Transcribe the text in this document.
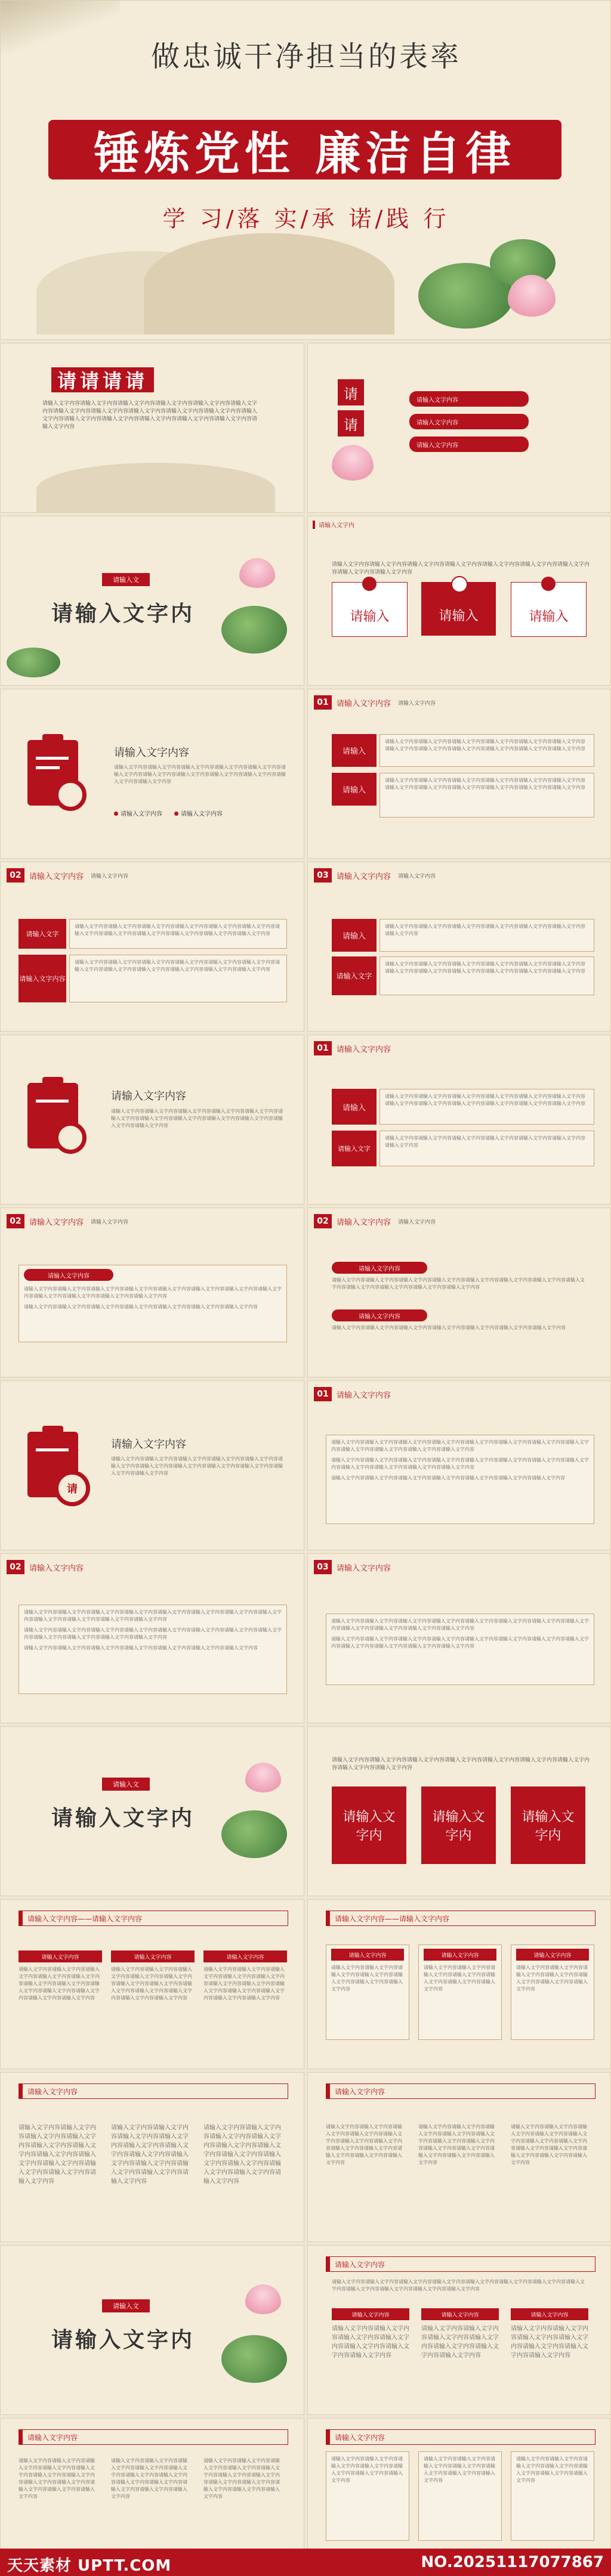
做忠诚干净担当的表率
锤炼党性 廉洁自律
学 习/落 实/承 诺/践 行
请请请请
请输入文字内容请输入文字内容请输入文字内容请输入文字内容请输入文字内容请输入文字内容请输入文字内容请输入文字内容请输入文字内容请输入文字内容请输入文字内容请输入文字内容请输入文字内容请输入文字内容请输入文字内容请输入文字内容请输入文字内容请输入文字内容
请
请
请输入文字内容
请输入文字内容
请输入文字内容
请输入文
请输入文字内
请输入文字内
请输入文字内容请输入文字内容请输入文字内容请输入文字内容请输入文字内容请输入文字内容请输入文字内容请输入文字内容请输入文字内容
请输入	请输入	请输入
请输入文字内容
请输入文字内容请输入文字内容请输入文字内容请输入文字内容请输入文字内容请输入文字内容请输入文字内容请输入文字内容请输入文字内容请输入文字内容请输入文字内容请输入文字内容
请输入文字内容	请输入文字内容
01	请输入文字内容 请输入文字内容
请输入
请输入文字内容请输入文字内容请输入文字内容请输入文字内容请输入文字内容请输入文字内容请输入文字内容请输入文字内容请输入文字内容请输入文字内容请输入文字内容请输入文字内容
请输入
请输入文字内容请输入文字内容请输入文字内容请输入文字内容请输入文字内容请输入文字内容请输入文字内容请输入文字内容请输入文字内容请输入文字内容请输入文字内容请输入文字内容
02	请输入文字内容 请输入文字内容
请输入文字
请输入文字内容请输入文字内容请输入文字内容请输入文字内容请输入文字内容请输入文字内容请输入文字内容请输入文字内容请输入文字内容请输入文字内容请输入文字内容请输入文字内容
请输入文字内容
请输入文字内容请输入文字内容请输入文字内容请输入文字内容请输入文字内容请输入文字内容请输入文字内容请输入文字内容请输入文字内容请输入文字内容请输入文字内容请输入文字内容
03	请输入文字内容 请输入文字内容
请输入
请输入文字内容请输入文字内容请输入文字内容请输入文字内容请输入文字内容请输入文字内容请输入文字内容
请输入文字
请输入文字内容请输入文字内容请输入文字内容请输入文字内容请输入文字内容请输入文字内容请输入文字内容请输入文字内容请输入文字内容请输入文字内容请输入文字内容请输入文字内容
请输入文字内容
请输入文字内容请输入文字内容请输入文字内容请输入文字内容请输入文字内容请输入文字内容请输入文字内容请输入文字内容请输入文字内容请输入文字内容请输入文字内容请输入文字内容
01	请输入文字内容
请输入
请输入文字内容请输入文字内容请输入文字内容请输入文字内容请输入文字内容请输入文字内容请输入文字内容请输入文字内容请输入文字内容请输入文字内容请输入文字内容请输入文字内容
请输入文字
请输入文字内容请输入文字内容请输入文字内容请输入文字内容请输入文字内容请输入文字内容请输入文字内容
02	请输入文字内容 请输入文字内容
请输入文字内容
请输入文字内容请输入文字内容请输入文字内容请输入文字内容请输入文字内容请输入文字内容请输入文字内容请输入文字内容请输入文字内容请输入文字内容请输入文字内容请输入文字内容
请输入文字内容请输入文字内容请输入文字内容请输入文字内容请输入文字内容请输入文字内容请输入文字内容
02	请输入文字内容 请输入文字内容
请输入文字内容
请输入文字内容请输入文字内容请输入文字内容请输入文字内容请输入文字内容请输入文字内容请输入文字内容请输入文字内容请输入文字内容请输入文字内容请输入文字内容请输入文字内容
请输入文字内容
请输入文字内容请输入文字内容请输入文字内容请输入文字内容请输入文字内容请输入文字内容请输入文字内容
请
请输入文字内容
请输入文字内容请输入文字内容请输入文字内容请输入文字内容请输入文字内容请输入文字内容请输入文字内容请输入文字内容请输入文字内容请输入文字内容请输入文字内容请输入文字内容
01	请输入文字内容
请输入文字内容请输入文字内容请输入文字内容请输入文字内容请输入文字内容请输入文字内容请输入文字内容请输入文字内容请输入文字内容请输入文字内容请输入文字内容请输入文字内容
请输入文字内容请输入文字内容请输入文字内容请输入文字内容请输入文字内容请输入文字内容请输入文字内容请输入文字内容请输入文字内容请输入文字内容请输入文字内容请输入文字内容
请输入文字内容请输入文字内容请输入文字内容请输入文字内容请输入文字内容请输入文字内容请输入文字内容
02	请输入文字内容
请输入文字内容请输入文字内容请输入文字内容请输入文字内容请输入文字内容请输入文字内容请输入文字内容请输入文字内容请输入文字内容请输入文字内容请输入文字内容请输入文字内容
请输入文字内容请输入文字内容请输入文字内容请输入文字内容请输入文字内容请输入文字内容请输入文字内容请输入文字内容请输入文字内容请输入文字内容请输入文字内容请输入文字内容
请输入文字内容请输入文字内容请输入文字内容请输入文字内容请输入文字内容请输入文字内容请输入文字内容
03	请输入文字内容
请输入文字内容请输入文字内容请输入文字内容请输入文字内容请输入文字内容请输入文字内容请输入文字内容请输入文字内容请输入文字内容请输入文字内容请输入文字内容请输入文字内容
请输入文字内容请输入文字内容请输入文字内容请输入文字内容请输入文字内容请输入文字内容请输入文字内容请输入文字内容请输入文字内容请输入文字内容请输入文字内容请输入文字内容
请输入文
请输入文字内
请输入文字内容请输入文字内容请输入文字内容请输入文字内容请输入文字内容请输入文字内容请输入文字内容请输入文字内容请输入文字内容
请输入文字内
请输入文字内
请输入文字内
请输入文字内容——请输入文字内容
请输入文字内容
请输入文字内容请输入文字内容请输入文字内容请输入文字内容请输入文字内容请输入文字内容请输入文字内容请输入文字内容请输入文字内容请输入文字内容请输入文字内容请输入文字内容
请输入文字内容
请输入文字内容请输入文字内容请输入文字内容请输入文字内容请输入文字内容请输入文字内容请输入文字内容请输入文字内容请输入文字内容请输入文字内容请输入文字内容请输入文字内容
请输入文字内容
请输入文字内容请输入文字内容请输入文字内容请输入文字内容请输入文字内容请输入文字内容请输入文字内容请输入文字内容请输入文字内容请输入文字内容请输入文字内容请输入文字内容
请输入文字内容——请输入文字内容
请输入文字内容
请输入文字内容请输入文字内容请输入文字内容请输入文字内容请输入文字内容请输入文字内容请输入文字内容
请输入文字内容
请输入文字内容请输入文字内容请输入文字内容请输入文字内容请输入文字内容请输入文字内容请输入文字内容
请输入文字内容
请输入文字内容请输入文字内容请输入文字内容请输入文字内容请输入文字内容请输入文字内容请输入文字内容
请输入文字内容
请输入文字内容请输入文字内容请输入文字内容请输入文字内容请输入文字内容请输入文字内容请输入文字内容请输入文字内容请输入文字内容请输入文字内容请输入文字内容请输入文字内容
请输入文字内容请输入文字内容请输入文字内容请输入文字内容请输入文字内容请输入文字内容请输入文字内容请输入文字内容请输入文字内容请输入文字内容请输入文字内容请输入文字内容
请输入文字内容请输入文字内容请输入文字内容请输入文字内容请输入文字内容请输入文字内容请输入文字内容请输入文字内容请输入文字内容请输入文字内容请输入文字内容请输入文字内容
请输入文字内容
请输入文字内容请输入文字内容请输入文字内容请输入文字内容请输入文字内容请输入文字内容请输入文字内容请输入文字内容请输入文字内容请输入文字内容请输入文字内容请输入文字内容
请输入文字内容请输入文字内容请输入文字内容请输入文字内容请输入文字内容请输入文字内容请输入文字内容请输入文字内容请输入文字内容请输入文字内容请输入文字内容请输入文字内容
请输入文字内容请输入文字内容请输入文字内容请输入文字内容请输入文字内容请输入文字内容请输入文字内容请输入文字内容请输入文字内容请输入文字内容请输入文字内容请输入文字内容
请输入文
请输入文字内
请输入文字内容
请输入文字内容请输入文字内容请输入文字内容请输入文字内容请输入文字内容请输入文字内容请输入文字内容请输入文字内容请输入文字内容请输入文字内容请输入文字内容请输入文字内容
请输入文字内容
请输入文字内容请输入文字内容请输入文字内容请输入文字内容请输入文字内容请输入文字内容请输入文字内容
请输入文字内容
请输入文字内容请输入文字内容请输入文字内容请输入文字内容请输入文字内容请输入文字内容请输入文字内容
请输入文字内容
请输入文字内容请输入文字内容请输入文字内容请输入文字内容请输入文字内容请输入文字内容请输入文字内容
请输入文字内容
请输入文字内容请输入文字内容请输入文字内容请输入文字内容请输入文字内容请输入文字内容请输入文字内容请输入文字内容请输入文字内容请输入文字内容请输入文字内容请输入文字内容
请输入文字内容请输入文字内容请输入文字内容请输入文字内容请输入文字内容请输入文字内容请输入文字内容请输入文字内容请输入文字内容请输入文字内容请输入文字内容请输入文字内容
请输入文字内容请输入文字内容请输入文字内容请输入文字内容请输入文字内容请输入文字内容请输入文字内容请输入文字内容请输入文字内容请输入文字内容请输入文字内容请输入文字内容
请输入文字内容
请输入文字内容请输入文字内容请输入文字内容请输入文字内容请输入文字内容请输入文字内容请输入文字内容
请输入文字内容请输入文字内容请输入文字内容请输入文字内容请输入文字内容请输入文字内容请输入文字内容
请输入文字内容请输入文字内容请输入文字内容请输入文字内容请输入文字内容请输入文字内容请输入文字内容
天天素材 UPTT.COM	NO.20251117077867
